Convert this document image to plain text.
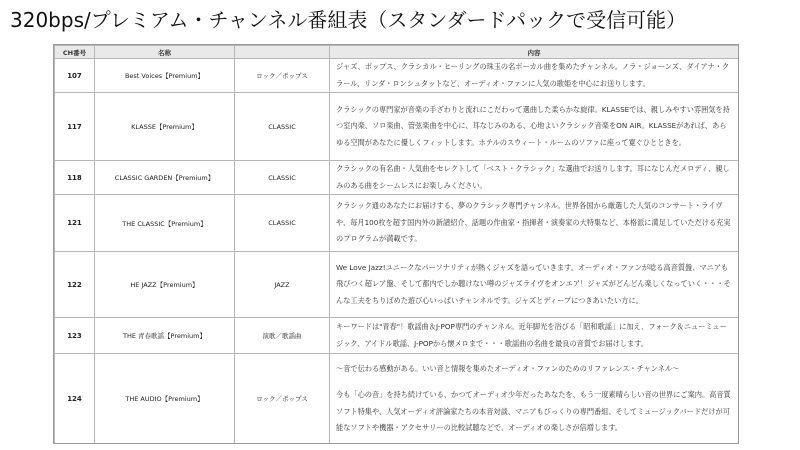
320bps/プレミアム・チャンネル番組表（スタンダードパックで受信可能）
CH番号	名称		内容
107	Best Voices【Premium】	ロック／ポップス	ジャズ、ポップス、クラシカル・ヒーリングの珠玉の名ボーカル曲を集めたチャンネル。ノラ・ジョーンズ、ダイアナ・クラール、リンダ・ロンシュタットなど、オーディオ・ファンに人気の歌姫を中心にお送りします。

117	KLASSE【Premium】	CLASSIC	クラシックの専門家が音楽の手ざわりと流れにこだわって選曲した柔らかな旋律。KLASSEでは、親しみやすい雰囲気を持つ室内楽、ソロ楽曲、管弦楽曲を中心に、耳なじみのある、心地よいクラシック音楽をON AIR。KLASSEがあれば、あらゆる空間があなたに優しくフィットします。ホテルのスウィート・ルームのソファに座って寛ぐひとときを。

118	CLASSIC GARDEN【Premium】	CLASSIC	クラシックの有名曲・人気曲をセレクトして「ベスト・クラシック」な選曲でお送りします。耳になじんだメロディ、親しみのある曲をシームレスにお楽しみください。

121	THE CLASSIC【Premium】	CLASSIC	クラシック通のあなたにお届けする、夢のクラシック専門チャンネル。世界各国から厳選した人気のコンサート・ライヴや、毎月100枚を超す国内外の新譜紹介、話題の作曲家・指揮者・演奏家の大特集など、本格派に満足していただける充実のプログラムが満載です。

122	HE JAZZ【Premium】	JAZZ	We Love Jazz!ユニークなパーソナリティが熱くジャズを語っていきます。オーディオ・ファンが唸る高音質盤、マニアも飛びつく超レア盤、そして都内でしか聴けない噂のジャズライヴをオンエア！ジャズがどんどん楽しくなっていく・・・そんな工夫をちりばめた遊び心いっぱいチャンネルです。ジャズとディープにつきあいたい方に。

123	THE 青春歌謡【Premium】	演歌／歌謡曲	キーワードは"青春"！歌謡曲＆J-POP専門のチャンネル。近年脚光を浴びる「昭和歌謡」に加え、フォーク＆ニューミュージック、アイドル歌謡、J-POPから懐メロまで・・・歌謡曲の名曲を最良の音質でお届けします。

124	THE AUDIO【Premium】	ロック／ポップス	〜音で伝わる感動がある。いい音と情報を集めたオーディオ・ファンのためのリファレンス・チャンネル〜

今も「心の音」を持ち続けている、かつてオーディオ少年だったあなたを、もう一度素晴らしい音の世界にご案内。高音質ソフト特集や、人気オーディオ評論家たちの本音対談、マニアもびっくりの専門番組、そしてミュージックバードだけが可能なソフトや機器・アクセサリーの比較試聴などで、オーディオの楽しさが倍増します。
